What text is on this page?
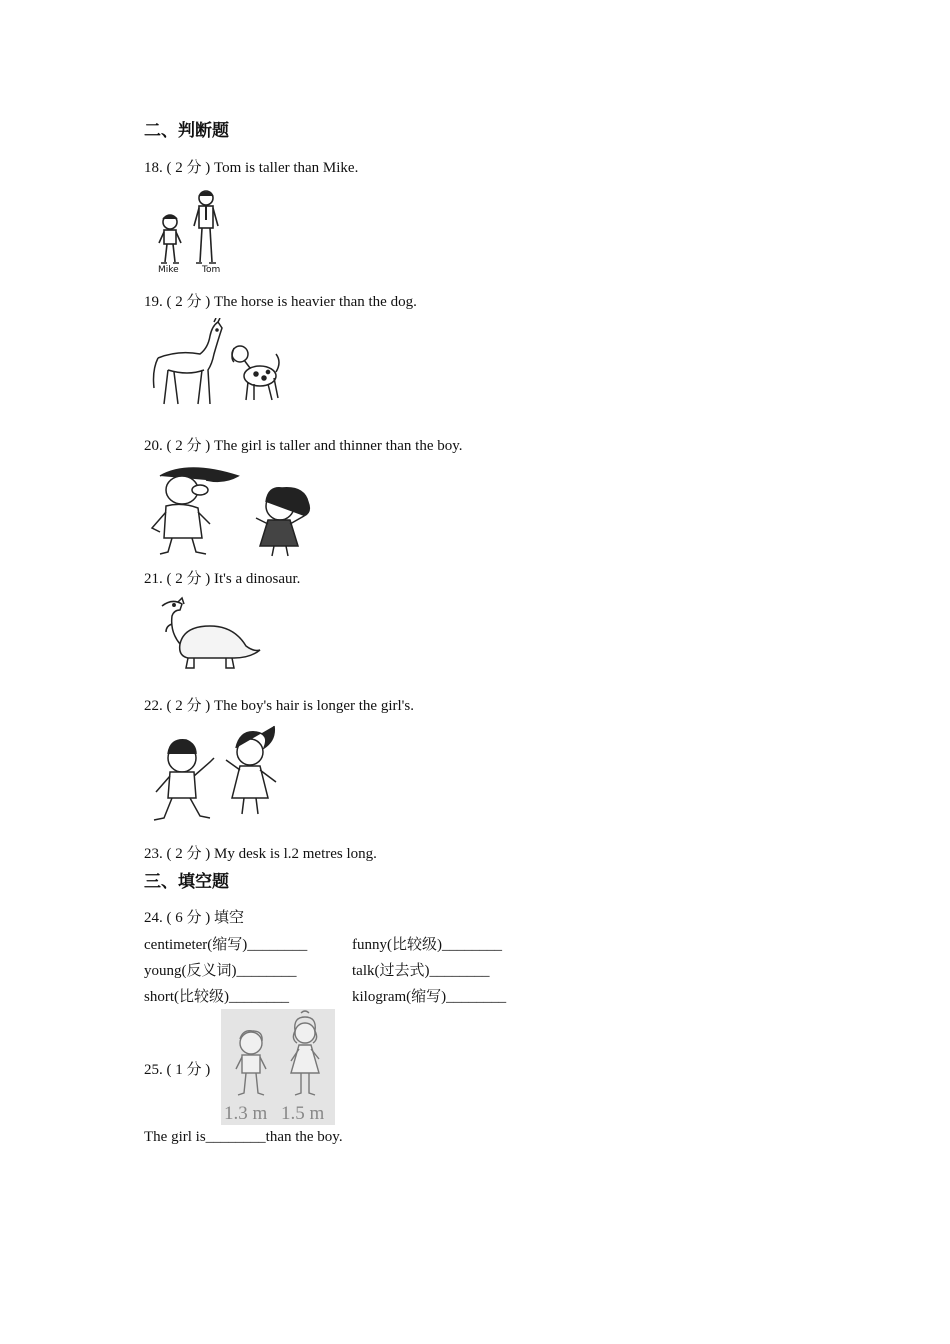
二、判断题
18. ( 2 分 ) Tom is taller than Mike.
Mike	Tom
19. ( 2 分 ) The horse is heavier than the dog.
20. ( 2 分 ) The girl is taller and thinner than the boy.
21. ( 2 分 ) It's a dinosaur.
22. ( 2 分 ) The boy's hair is longer the girl's.
23. ( 2 分 ) My desk is l.2 metres long.
三、填空题
24. ( 6 分 ) 填空
centimeter(缩写)________	funny(比较级)________
young(反义词)________	talk(过去式)________
short(比较级)________	kilogram(缩写)________
25. ( 1 分 )
1.3 m 1.5 m
The girl is________than the boy.
